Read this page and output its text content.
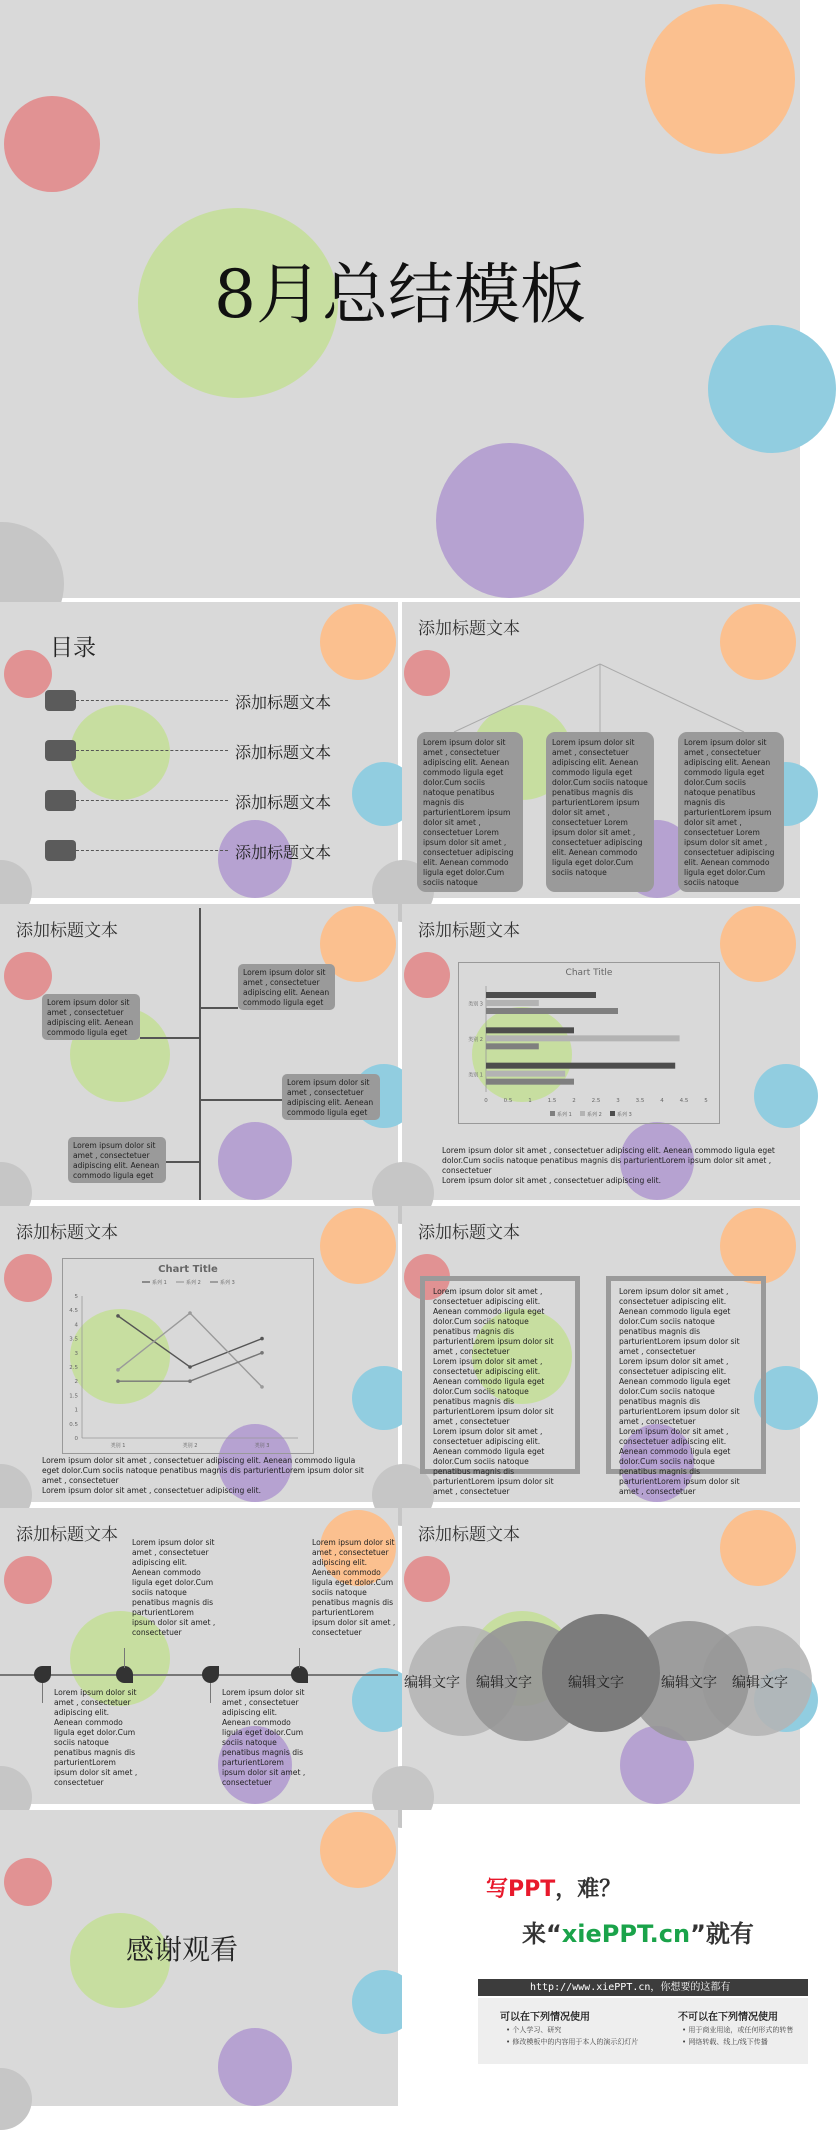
8月总结模板
目录
添加标题文本
添加标题文本
添加标题文本
添加标题文本
添加标题文本
Lorem ipsum dolor sit amet , consectetuer adipiscing elit. Aenean commodo ligula eget dolor.Cum sociis natoque penatibus magnis dis parturientLorem ipsum dolor sit amet , consectetuer Lorem ipsum dolor sit amet , consectetuer adipiscing elit. Aenean commodo ligula eget dolor.Cum sociis natoque
Lorem ipsum dolor sit amet , consectetuer adipiscing elit. Aenean commodo ligula eget dolor.Cum sociis natoque penatibus magnis dis parturientLorem ipsum dolor sit amet , consectetuer Lorem ipsum dolor sit amet , consectetuer adipiscing elit. Aenean commodo ligula eget dolor.Cum sociis natoque
Lorem ipsum dolor sit amet , consectetuer adipiscing elit. Aenean commodo ligula eget dolor.Cum sociis natoque penatibus magnis dis parturientLorem ipsum dolor sit amet , consectetuer Lorem ipsum dolor sit amet , consectetuer adipiscing elit. Aenean commodo ligula eget dolor.Cum sociis natoque
添加标题文本
Lorem ipsum dolor sit amet , consectetuer adipiscing elit. Aenean commodo ligula eget
Lorem ipsum dolor sit amet , consectetuer adipiscing elit. Aenean commodo ligula eget
Lorem ipsum dolor sit amet , consectetuer adipiscing elit. Aenean commodo ligula eget
Lorem ipsum dolor sit amet , consectetuer adipiscing elit. Aenean commodo ligula eget
添加标题文本
Chart Title
0	0.5	1	1.5	2	2.5	3	3.5	4	4.5	5
类别 1
类别 2
类别 3
系列 1	系列 2	系列 3
Lorem ipsum dolor sit amet , consectetuer adipiscing elit. Aenean commodo ligula eget dolor.Cum sociis natoque penatibus magnis dis parturientLorem ipsum dolor sit amet , consectetuer
Lorem ipsum dolor sit amet , consectetuer adipiscing elit.
添加标题文本
Chart Title
0
0.5
1
1.5
2
2.5
3
3.5
4
4.5
5
类别 1	类别 2	类别 3
系列 1	系列 2	系列 3
Lorem ipsum dolor sit amet , consectetuer adipiscing elit. Aenean commodo ligula eget dolor.Cum sociis natoque penatibus magnis dis parturientLorem ipsum dolor sit amet , consectetuer
Lorem ipsum dolor sit amet , consectetuer adipiscing elit.
添加标题文本
Lorem ipsum dolor sit amet , consectetuer adipiscing elit. Aenean commodo ligula eget dolor.Cum sociis natoque penatibus magnis dis parturientLorem ipsum dolor sit amet , consectetuer
Lorem ipsum dolor sit amet , consectetuer adipiscing elit. Aenean commodo ligula eget dolor.Cum sociis natoque penatibus magnis dis parturientLorem ipsum dolor sit amet , consectetuer
Lorem ipsum dolor sit amet , consectetuer adipiscing elit. Aenean commodo ligula eget dolor.Cum sociis natoque penatibus magnis dis parturientLorem ipsum dolor sit amet , consectetuer
Lorem ipsum dolor sit amet , consectetuer adipiscing elit. Aenean commodo ligula eget dolor.Cum sociis natoque penatibus magnis dis parturientLorem ipsum dolor sit amet , consectetuer
Lorem ipsum dolor sit amet , consectetuer adipiscing elit. Aenean commodo ligula eget dolor.Cum sociis natoque penatibus magnis dis parturientLorem ipsum dolor sit amet , consectetuer
Lorem ipsum dolor sit amet , consectetuer adipiscing elit. Aenean commodo ligula eget dolor.Cum sociis natoque penatibus magnis dis parturientLorem ipsum dolor sit amet , consectetuer
添加标题文本
Lorem ipsum dolor sit amet , consectetuer adipiscing elit. Aenean commodo ligula eget dolor.Cum sociis natoque penatibus magnis dis parturientLorem ipsum dolor sit amet , consectetuer
Lorem ipsum dolor sit amet , consectetuer adipiscing elit. Aenean commodo ligula eget dolor.Cum sociis natoque penatibus magnis dis parturientLorem ipsum dolor sit amet , consectetuer
Lorem ipsum dolor sit amet , consectetuer adipiscing elit. Aenean commodo ligula eget dolor.Cum sociis natoque penatibus magnis dis parturientLorem ipsum dolor sit amet , consectetuer
Lorem ipsum dolor sit amet , consectetuer adipiscing elit. Aenean commodo ligula eget dolor.Cum sociis natoque penatibus magnis dis parturientLorem ipsum dolor sit amet , consectetuer
添加标题文本
编辑文字 编辑文字	编辑文字	编辑文字 编辑文字
感谢观看
写PPT，难？
来“xiePPT.cn”就有
http://www.xiePPT.cn，你想要的这都有
可以在下列情况使用
• 个人学习、研究
• 修改模板中的内容用于本人的演示幻灯片
不可以在下列情况使用
• 用于商业用途，或任何形式的转售
• 网络转载、线上/线下传播
